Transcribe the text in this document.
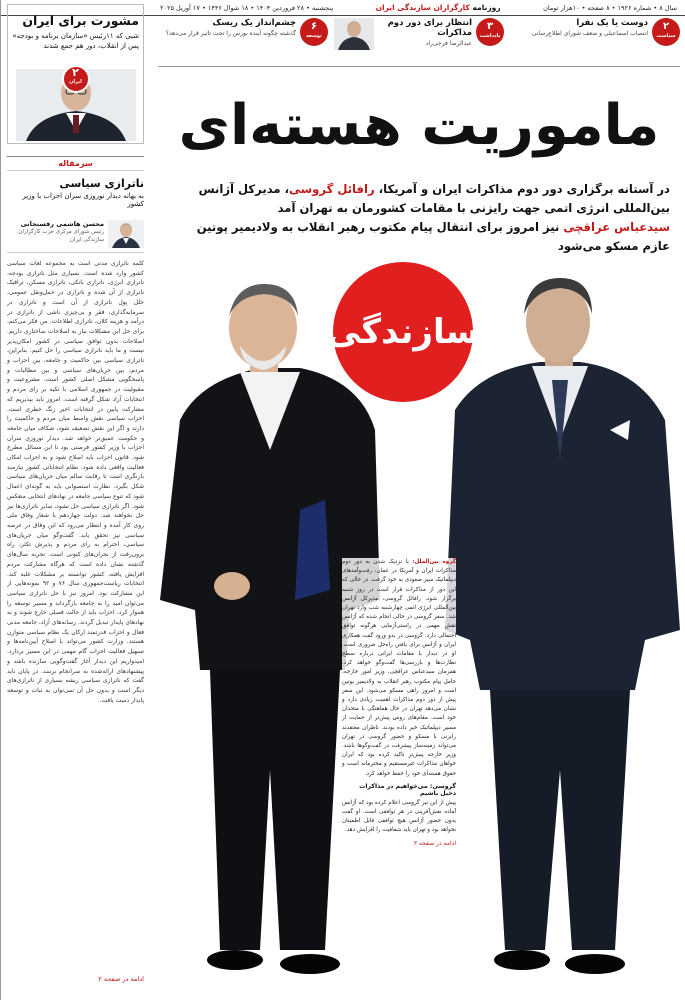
سال ۸ • شماره ۱۹۲۶ • ۸ صفحه • ۱۰هزار تومان
روزنامه کارگزاران سازندگی ایران
پنجشنبه • ۲۸ فروردین ۱۴۰۴ • ۱۸ شوال ۱۴۴۶ • ۱۷ آوریل ۲۰۲۵
مشورت برای ایران
شبی که ۱۱رئیس «سازمان برنامه و بودجه» پس از انقلاب، دور هم جمع شدند
۲
ایران
سرمقاله
ناترازی سیاسی
به بهانه دیدار نوروزی سران احزاب با وزیر کشور
محسن هاشمی رفسنجانی
رئیس شورای مرکزی حزب کارگزاران سازندگی ایران
کلمه ناترازی مدتی است به مجموعه لغات سیاسی کشور وارد شده است. بسیاری مثل ناترازی بودجه، ناترازی انرژی، ناترازی بانکی، ناترازی مسکن، ترافیک ناترازی از آن شده و ناترازی در حمل‌ونقل عمومی، خلل پول ناترازی از آن است و ناترازی در سرمایه‌گذاری، فقر و بی‌چیزی ناشی از ناترازی در درآمد و هزینه کلان، ناترازی اطلاعات. من فکر می‌کنم، برای حل این مشکلات نیاز به اصلاحات ساختاری داریم. اصلاحات بدون توافق سیاسی در کشور امکان‌پذیر نیست و ما باید ناترازی سیاسی را حل کنیم. بنابراین، ناترازی سیاسی بین حاکمیت و جامعه، بین احزاب و مردم، بین جریان‌های سیاسی و بین مطالبات و پاسخگویی مشکل اصلی کشور است. مشروعیت و مقبولیت در جمهوری اسلامی با تکیه بر رای مردم و انتخابات آزاد شکل گرفته است. امروز باید بپذیریم که مشارکت پایین در انتخابات اخیر زنگ خطری است. احزاب سیاسی نقش واسط میان مردم و حاکمیت را دارند و اگر این نقش تضعیف شود، شکاف میان جامعه و حکومت عمیق‌تر خواهد شد. دیدار نوروزی سران احزاب با وزیر کشور فرصتی بود تا این مسائل مطرح شود. قانون احزاب باید اصلاح شود و به احزاب امکان فعالیت واقعی داده شود. نظام انتخاباتی کشور نیازمند بازنگری است تا رقابت سالم میان جریان‌های سیاسی شکل بگیرد. نظارت استصوابی باید به گونه‌ای اعمال شود که تنوع سیاسی جامعه در نهادهای انتخابی منعکس شود. اگر ناترازی سیاسی حل نشود، سایر ناترازی‌ها نیز حل نخواهند شد. دولت چهاردهم با شعار وفاق ملی روی کار آمده و انتظار می‌رود که این وفاق در عرصه سیاسی نیز تحقق یابد. گفت‌وگو میان جریان‌های سیاسی، احترام به رای مردم و پذیرش تکثر، راه برون‌رفت از بحران‌های کنونی است. تجربه سال‌های گذشته نشان داده است که هرگاه مشارکت مردم افزایش یافته، کشور توانسته بر مشکلات غلبه کند. انتخابات ریاست‌جمهوری سال ۷۶ و ۹۲ نمونه‌هایی از این مشارکت بود. امروز نیز با حل ناترازی سیاسی می‌توان امید را به جامعه بازگرداند و مسیر توسعه را هموار کرد. احزاب باید از حالت فصلی خارج شوند و به نهادهای پایدار تبدیل گردند. رسانه‌های آزاد، جامعه مدنی فعال و احزاب قدرتمند ارکان یک نظام سیاسی متوازن هستند. وزارت کشور می‌تواند با اصلاح آیین‌نامه‌ها و تسهیل فعالیت احزاب گام مهمی در این مسیر بردارد. امیدواریم این دیدار آغاز گفت‌وگویی سازنده باشد و پیشنهادهای ارائه‌شده به سرانجام برسد. در پایان باید گفت که ناترازی سیاسی ریشه بسیاری از ناترازی‌های دیگر است و بدون حل آن نمی‌توان به ثبات و توسعه پایدار دست یافت.
ادامه در صفحه ۲
۲
سیاست
دوست یا یک نفرا
انتصاب اسماعیلی و ضعف شورای اطلاع‌رسانی
۳
یادداشت
انتظار برای دور دوم مذاکرات
عبدالرضا فرجی‌راد
۶
توسعه
چشم‌انداز یک ریسک
گذشته چگونه آینده بورس را تحت تاثیر قرار می‌دهد؟
ماموریت هسته‌ای
در آستانه برگزاری دور دوم مذاکرات ایران و آمریکا، رافائل گروسی، مدیرکل آژانس بین‌المللی انرژی اتمی جهت رایزنی با مقامات کشورمان به تهران آمد
سیدعباس عراقچی نیز امروز برای انتقال پیام مکتوب رهبر انقلاب به ولادیمیر پوتین عازم مسکو می‌شود
سازندگی

گروه بین‌الملل: با نزدیک شدن به دور دوم مذاکرات ایران و آمریکا در عمان، رفت‌وآمدهای دیپلماتیک سیر صعودی به خود گرفت. در حالی که این دور از مذاکرات قرار است در روز شنبه برگزار شود، رافائل گروسی، مدیرکل آژانس بین‌المللی انرژی اتمی چهارشنبه شب وارد تهران شد. سفر گروسی در حالی انجام شده که آژانس نقش مهمی در راستی‌آزمایی هرگونه توافق احتمالی دارد. گروسی در بدو ورود گفت همکاری ایران و آژانس برای یافتن راه‌حل ضروری است. او در دیدار با مقامات ایرانی درباره سطح نظارت‌ها و بازرسی‌ها گفت‌وگو خواهد کرد. همزمان سیدعباس عراقچی، وزیر امور خارجه، حامل پیام مکتوب رهبر انقلاب به ولادیمیر پوتین است و امروز راهی مسکو می‌شود. این سفر پیش از دور دوم مذاکرات اهمیت زیادی دارد و نشان می‌دهد تهران در حال هماهنگی با متحدان خود است. مقام‌های روس پیش‌تر از حمایت از مسیر دیپلماتیک خبر داده بودند. ناظران معتقدند رایزنی با مسکو و حضور گروسی در تهران می‌تواند زمینه‌ساز پیشرفت در گفت‌وگوها باشد. وزیر خارجه پیش‌تر تاکید کرده بود که ایران خواهان مذاکرات غیرمستقیم و محترمانه است و حقوق هسته‌ای خود را حفظ خواهد کرد.

گروسی: می‌خواهیم در مذاکرات دخیل باشیم

پیش از این نیز گروسی اعلام کرده بود که آژانس آماده نقش‌آفرینی در هر توافقی است. او گفت بدون حضور آژانس هیچ توافقی قابل اطمینان نخواهد بود و تهران باید شفافیت را افزایش دهد.

ادامه در صفحه ۳
